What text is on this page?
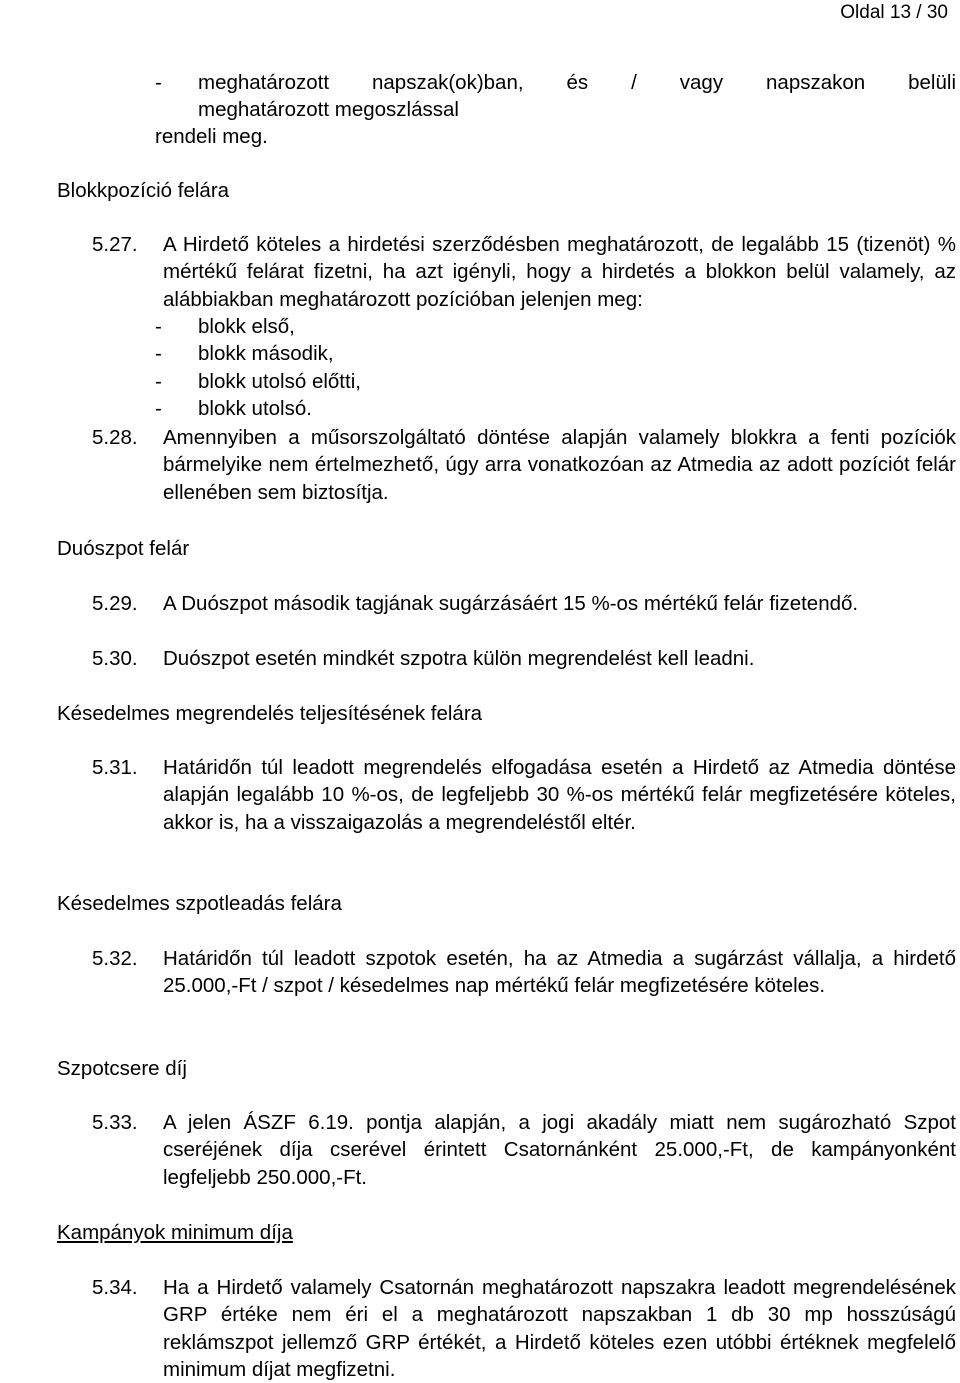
Oldal 13 / 30
- meghatározott napszak(ok)ban, és / vagy napszakon belüli
meghatározott megoszlással
rendeli meg.
Blokkpozíció felára
5.27. A Hirdető köteles a hirdetési szerződésben meghatározott, de legalább 15 (tizenöt) % mértékű felárat fizetni, ha azt igényli, hogy a hirdetés a blokkon belül valamely, az alábbiakban meghatározott pozícióban jelenjen meg:
- blokk első,
- blokk második,
- blokk utolsó előtti,
- blokk utolsó.
5.28. Amennyiben a műsorszolgáltató döntése alapján valamely blokkra a fenti pozíciók bármelyike nem értelmezhető, úgy arra vonatkozóan az Atmedia az adott pozíciót felár ellenében sem biztosítja.
Duószpot felár
5.29. A Duószpot második tagjának sugárzásáért 15 %-os mértékű felár fizetendő.
5.30. Duószpot esetén mindkét szpotra külön megrendelést kell leadni.
Késedelmes megrendelés teljesítésének felára
5.31. Határidőn túl leadott megrendelés elfogadása esetén a Hirdető az Atmedia döntése alapján legalább 10 %-os, de legfeljebb 30 %-os mértékű felár megfizetésére köteles, akkor is, ha a visszaigazolás a megrendeléstől eltér.
Késedelmes szpotleadás felára
5.32. Határidőn túl leadott szpotok esetén, ha az Atmedia a sugárzást vállalja, a hirdető 25.000,-Ft / szpot / késedelmes nap mértékű felár megfizetésére köteles.
Szpotcsere díj
5.33. A jelen ÁSZF 6.19. pontja alapján, a jogi akadály miatt nem sugározható Szpot cseréjének díja cserével érintett Csatornánként 25.000,-Ft, de kampányonként legfeljebb 250.000,-Ft.
Kampányok minimum díja
5.34. Ha a Hirdető valamely Csatornán meghatározott napszakra leadott megrendelésének GRP értéke nem éri el a meghatározott napszakban 1 db 30 mp hosszúságú reklámszpot jellemző GRP értékét, a Hirdető köteles ezen utóbbi értéknek megfelelő minimum díjat megfizetni.
